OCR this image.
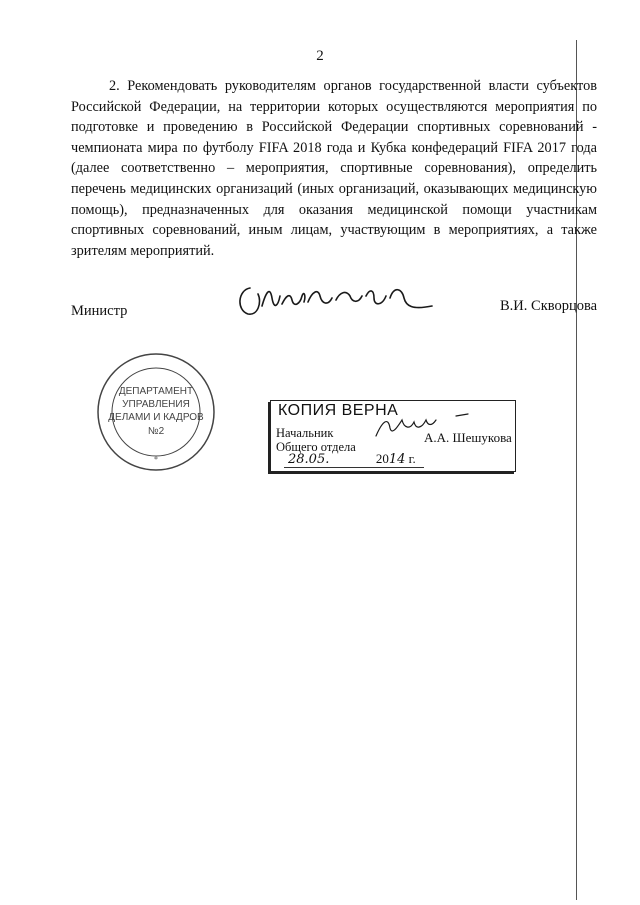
2

2. Рекомендовать руководителям органов государственной власти субъектов Российской Федерации, на территории которых осуществляются мероприятия по подготовке и проведению в Российской Федерации спортивных соревнований - чемпионата мира по футболу FIFA 2018 года и Кубка конфедераций FIFA 2017 года (далее соответственно – мероприятия, спортивные соревнования), определить перечень медицинских организаций (иных организаций, оказывающих медицинскую помощь), предназначенных для оказания медицинской помощи участникам спортивных соревнований, иным лицам, участвующим в мероприятиях, а также зрителям мероприятий.

Министр	В.И. Скворцова
ДЕПАРТАМЕНТ
УПРАВЛЕНИЯ
ДЕЛАМИ И КАДРОВ
№2
*
КОПИЯ ВЕРНА
Начальник
Общего отдела
А.А. Шешукова
28.05.	2014 г.
